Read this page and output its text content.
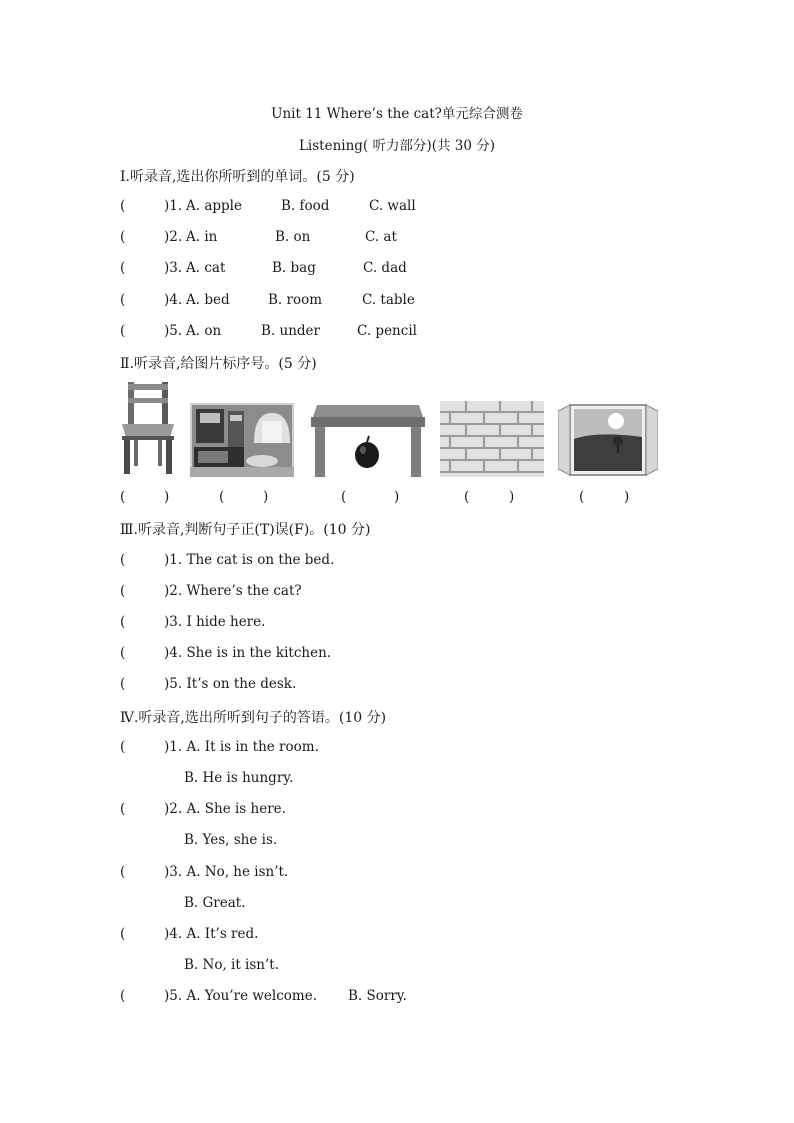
Unit 11 Where’s the cat?单元综合测卷
Listening( 听力部分)(共 30 分)
Ⅰ.听录音,选出你所听到的单词。(5 分)
(	)1. A. apple	B. food	C. wall
(	)2. A. in	B. on	C. at
(	)3. A. cat	B. bag	C. dad
(	)4. A. bed	B. room	C. table
(	)5. A. on	B. under	C. pencil
Ⅱ.听录音,给图片标序号。(5 分)
(	)	(	)	(	)	(	)	(	)
Ⅲ.听录音,判断句子正(T)误(F)。(10 分)
(	)1. The cat is on the bed.
(	)2. Where’s the cat?
(	)3. I hide here.
(	)4. She is in the kitchen.
(	)5. It’s on the desk.
Ⅳ.听录音,选出所听到句子的答语。(10 分)
(	)1. A. It is in the room.
B. He is hungry.
(	)2. A. She is here.
B. Yes, she is.
(	)3. A. No, he isn’t.
B. Great.
(	)4. A. It’s red.
B. No, it isn’t.
(	)5. A. You’re welcome. B. Sorry.
